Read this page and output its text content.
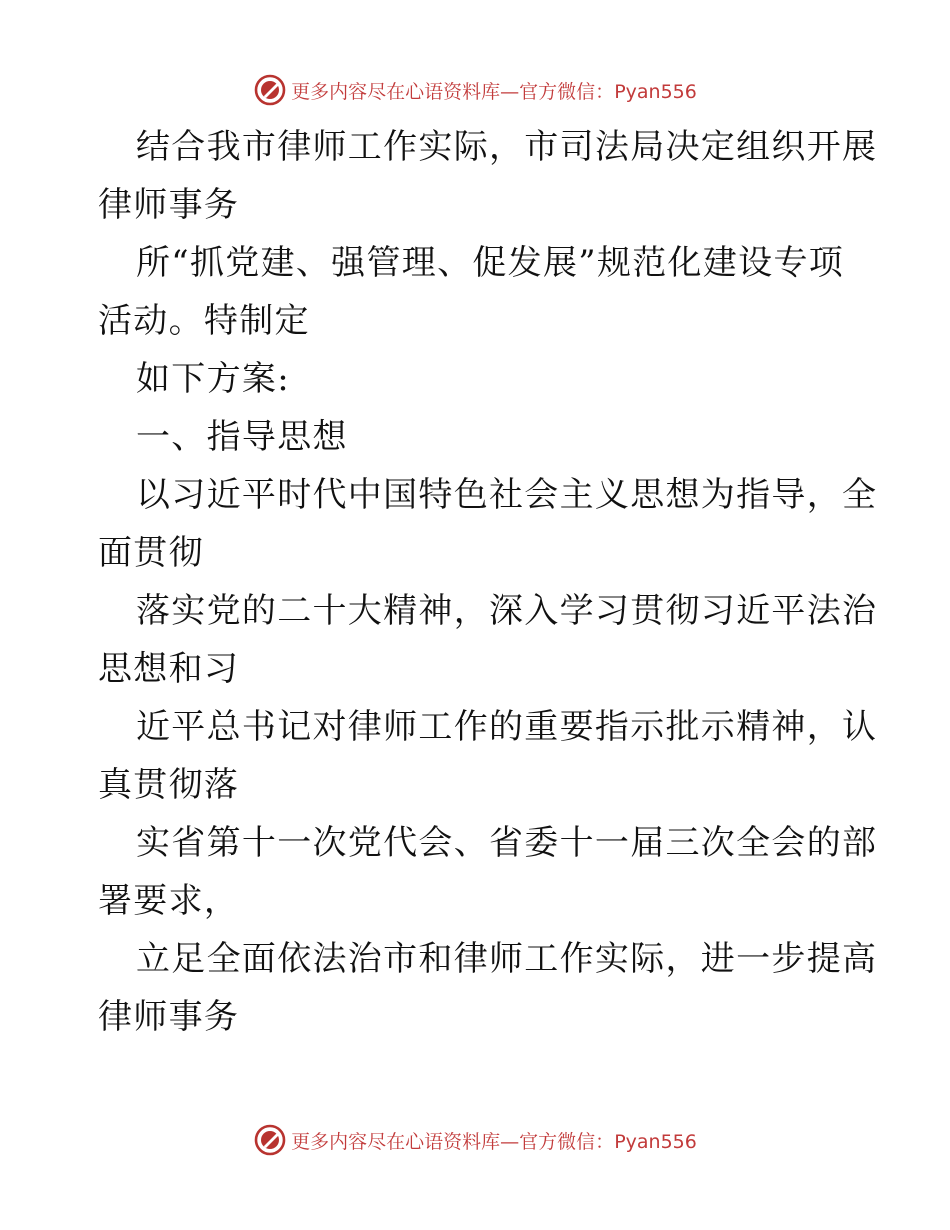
更多内容尽在心语资料库—官方微信：Pyan556
结合我市律师工作实际，市司法局决定组织开展
律师事务
所“抓党建、强管理、促发展”规范化建设专项
活动。特制定
如下方案:
一、指导思想
以习近平时代中国特色社会主义思想为指导，全
面贯彻
落实党的二十大精神，深入学习贯彻习近平法治
思想和习
近平总书记对律师工作的重要指示批示精神，认
真贯彻落
实省第十一次党代会、省委十一届三次全会的部
署要求，
立足全面依法治市和律师工作实际，进一步提高
律师事务
更多内容尽在心语资料库—官方微信：Pyan556
